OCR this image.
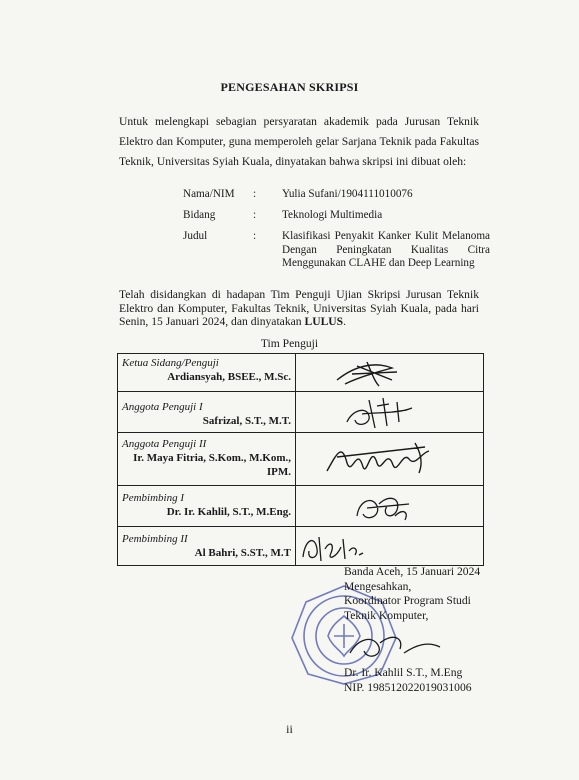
PENGESAHAN SKRIPSI
Untuk melengkapi sebagian persyaratan akademik pada Jurusan Teknik Elektro dan Komputer, guna memperoleh gelar Sarjana Teknik pada Fakultas Teknik, Universitas Syiah Kuala, dinyatakan bahwa skripsi ini dibuat oleh:
Nama/NIM : Yulia Sufani/1904111010076
Bidang	: Teknologi Multimedia
Judul	: Klasifikasi Penyakit Kanker Kulit Melanoma Dengan Peningkatan Kualitas Citra Menggunakan CLAHE dan Deep Learning
Telah disidangkan di hadapan Tim Penguji Ujian Skripsi Jurusan Teknik Elektro dan Komputer, Fakultas Teknik, Universitas Syiah Kuala, pada hari Senin, 15 Januari 2024, dan dinyatakan LULUS.
Tim Penguji
Ketua Sidang/Penguji
Ardiansyah, BSEE., M.Sc.
Anggota Penguji I
Safrizal, S.T., M.T.
Anggota Penguji II
Ir. Maya Fitria, S.Kom., M.Kom., IPM.
Pembimbing I
Dr. Ir. Kahlil, S.T., M.Eng.
Pembimbing II
Al Bahri, S.ST., M.T
Banda Aceh, 15 Januari 2024
Mengesahkan,
Koordinator Program Studi
Teknik Komputer,
Dr. Ir. Kahlil S.T., M.Eng
NIP. 198512022019031006
ii
